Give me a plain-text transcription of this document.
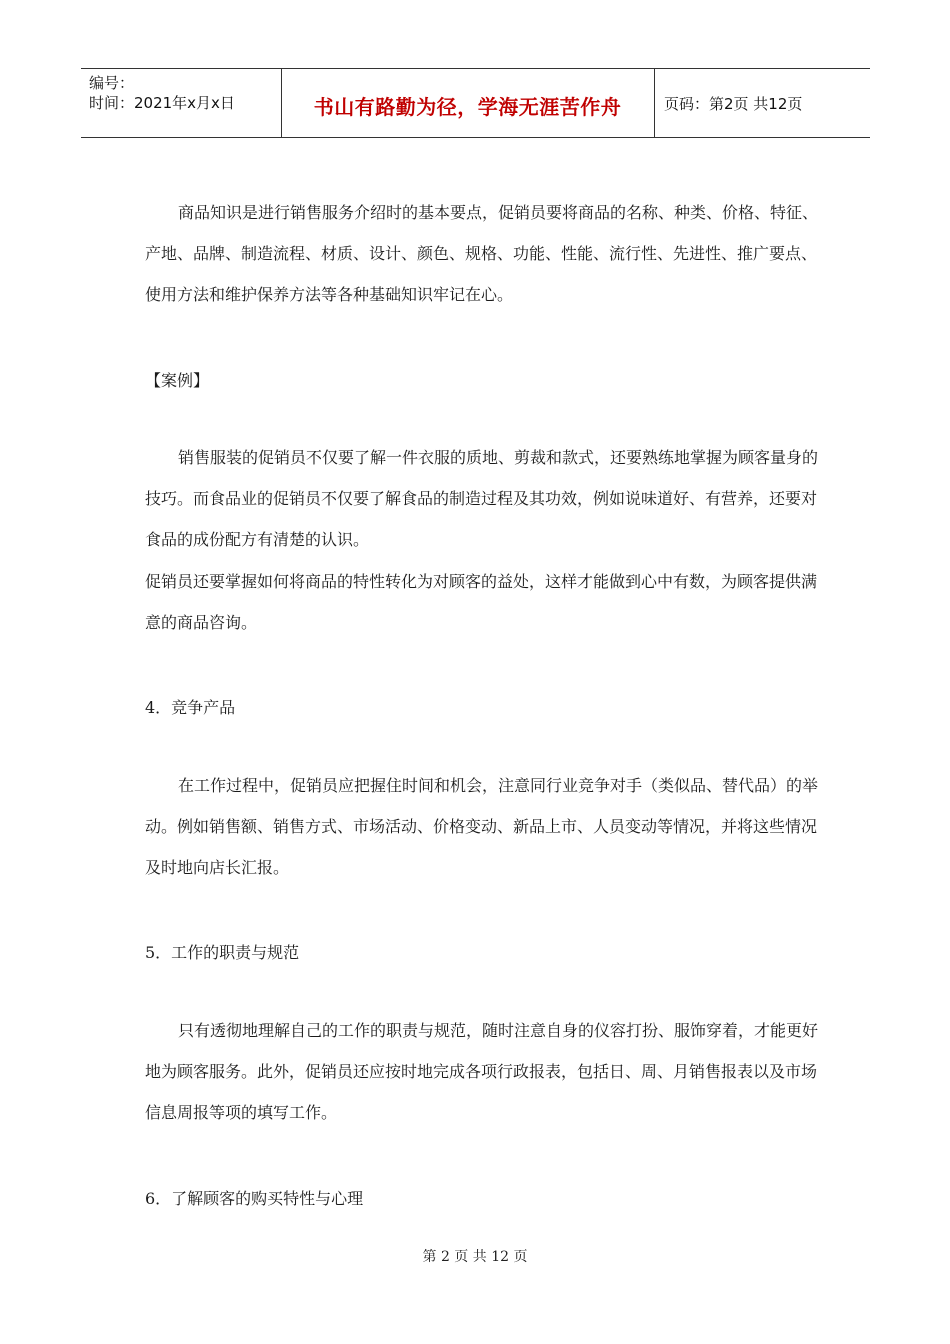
编号：
时间：2021年x月x日	书山有路勤为径，学海无涯苦作舟	页码：第2页 共12页

商品知识是进行销售服务介绍时的基本要点，促销员要将商品的名称、种类、价格、特征、产地、品牌、制造流程、材质、设计、颜色、规格、功能、性能、流行性、先进性、推广要点、使用方法和维护保养方法等各种基础知识牢记在心。

【案例】

销售服装的促销员不仅要了解一件衣服的质地、剪裁和款式，还要熟练地掌握为顾客量身的技巧。而食品业的促销员不仅要了解食品的制造过程及其功效，例如说味道好、有营养，还要对食品的成份配方有清楚的认识。

促销员还要掌握如何将商品的特性转化为对顾客的益处，这样才能做到心中有数，为顾客提供满意的商品咨询。

4．竞争产品

在工作过程中，促销员应把握住时间和机会，注意同行业竞争对手（类似品、替代品）的举动。例如销售额、销售方式、市场活动、价格变动、新品上市、人员变动等情况，并将这些情况及时地向店长汇报。

5．工作的职责与规范

只有透彻地理解自己的工作的职责与规范，随时注意自身的仪容打扮、服饰穿着，才能更好地为顾客服务。此外，促销员还应按时地完成各项行政报表，包括日、周、月销售报表以及市场信息周报等项的填写工作。

6．了解顾客的购买特性与心理

第 2 页 共 12 页
